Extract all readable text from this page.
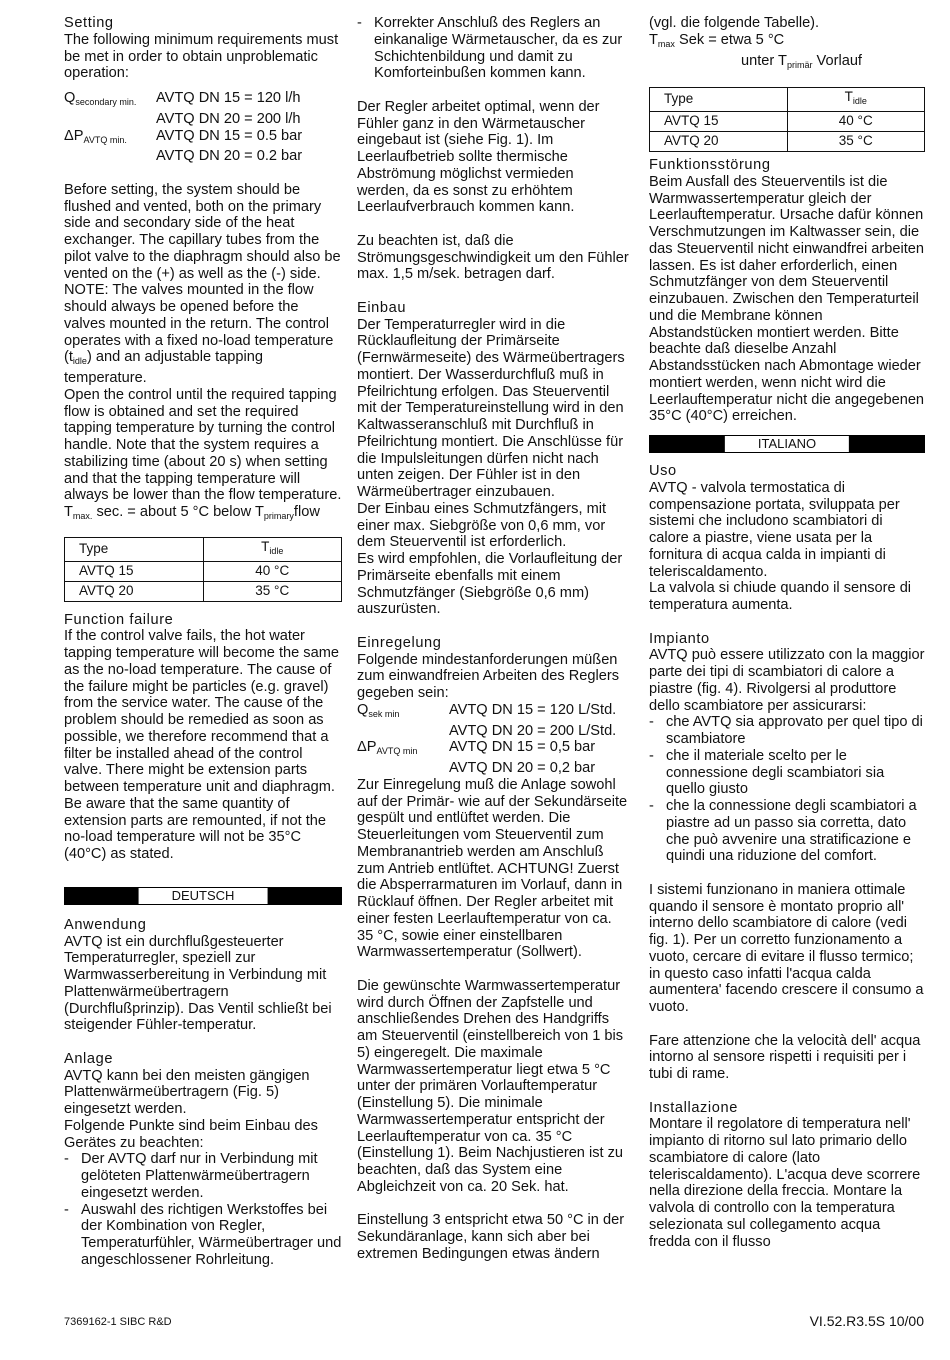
Setting

The following minimum requirements must be met in order to obtain unproblematic operation:

$Q_{secondary min.}$	AVTQ DN 15 = 120 l/h
AVTQ DN 20 = 200 l/h
$\Delta P_{AVTQ min.}$	AVTQ DN 15 = 0.5 bar
AVTQ DN 20 = 0.2 bar

Before setting, the system should be flushed and vented, both on the primary side and secondary side of the heat exchanger. The capillary tubes from the pilot valve to the diaphragm should also be vented on the (+) as well as the (-) side. NOTE: The valves mounted in the flow should always be opened before the valves mounted in the return. The control operates with a fixed no-load temperature $(t_{idle})$ and an adjustable tapping temperature.

Open the control until the required tapping flow is obtained and set the required tapping temperature by turning the control handle. Note that the system requires a stabilizing time (about 20 s) when setting and that the tapping temperature will always be lower than the flow temperature.

$T_{max.}$ sec. = about 5 °C below $T_{primary}flow$

Type	$T_{idle}$
AVTQ 15	40 °C
AVTQ 20	35 °C

Function failure

If the control valve fails, the hot water tapping temperature will become the same as the no-load temperature. The cause of the failure might be particles (e.g. gravel) from the service water. The cause of the problem should be remedied as soon as possible, we therefore recommend that a filter be installed ahead of the control valve. There might be extension parts between temperature unit and diaphragm. Be aware that the same quantity of extension parts are remounted, if not the no-load temperature will not be 35°C (40°C) as stated.

DEUTSCH

Anwendung

AVTQ ist ein durchflußgesteuerter Temperaturregler, speziell zur Warmwasserbereitung in Verbindung mit Plattenwärmeübertragern (Durchflußprinzip). Das Ventil schließt bei steigender Fühler-temperatur.

Anlage

AVTQ kann bei den meisten gängigen Plattenwärmeübertragern (Fig. 5) eingesetzt werden.

Folgende Punkte sind beim Einbau des Gerätes zu beachten:

- Der AVTQ darf nur in Verbindung mit gelöteten Plattenwärmeübertragern eingesetzt werden.
- Auswahl des richtigen Werkstoffes bei der Kombination von Regler, Temperaturfühler, Wärmeübertrager und angeschlossener Rohrleitung.
- Korrekter Anschluß des Reglers an einkanalige Wärmetauscher, da es zur Schichtenbildung und damit zu Komforteinbußen kommen kann.

Der Regler arbeitet optimal, wenn der Fühler ganz in den Wärmetauscher eingebaut ist (siehe Fig. 1). Im Leerlaufbetrieb sollte thermische Abströmung möglichst vermieden werden, da es sonst zu erhöhtem Leerlaufverbrauch kommen kann.

Zu beachten ist, daß die Strömungsgeschwindigkeit um den Fühler max. 1,5 m/sek. betragen darf.

Einbau

Der Temperaturregler wird in die Rücklaufleitung der Primärseite (Fernwärmeseite) des Wärmeübertragers montiert. Der Wasserdurchfluß muß in Pfeilrichtung erfolgen. Das Steuerventil mit der Temperatureinstellung wird in den Kaltwasseranschluß mit Durchfluß in Pfeilrichtung montiert. Die Anschlüsse für die Impulsleitungen dürfen nicht nach unten zeigen. Der Fühler ist in den Wärmeübertrager einzubauen.

Der Einbau eines Schmutzfängers, mit einer max. Siebgröße von 0,6 mm, vor dem Steuerventil ist erforderlich.

Es wird empfohlen, die Vorlaufleitung der Primärseite ebenfalls mit einem Schmutzfänger (Siebgröße 0,6 mm) auszurüsten.

Einregelung

Folgende mindestanforderungen müßen zum einwandfreien Arbeiten des Reglers gegeben sein:

$Q_{sek min}$	AVTQ DN 15 = 120 L/Std.
AVTQ DN 20 = 200 L/Std.
$\Delta P_{AVTQ min}$	AVTQ DN 15 = 0,5 bar
AVTQ DN 20 = 0,2 bar

Zur Einregelung muß die Anlage sowohl auf der Primär- wie auf der Sekundärseite gespült und entlüftet werden. Die Steuerleitungen vom Steuerventil zum Membranantrieb werden am Anschluß zum Antrieb entlüftet. ACHTUNG! Zuerst die Absperrarmaturen im Vorlauf, dann in Rücklauf öffnen. Der Regler arbeitet mit einer festen Leerlauftemperatur von ca. 35 °C, sowie einer einstellbaren Warmwassertemperatur (Sollwert).

Die gewünschte Warmwassertemperatur wird durch Öffnen der Zapfstelle und anschließendes Drehen des Handgriffs am Steuerventil (einstellbereich von 1 bis 5) eingeregelt. Die maximale Warmwassertemperatur liegt etwa 5 °C unter der primären Vorlauftemperatur (Einstellung 5). Die minimale Warmwassertemperatur entspricht der Leerlauftemperatur von ca. 35 °C (Einstellung 1). Beim Nachjustieren ist zu beachten, daß das System eine Abgleichzeit von ca. 20 Sek. hat.

Einstellung 3 entspricht etwa 50 °C in der Sekundäranlage, kann sich aber bei extremen Bedingungen etwas ändern

(vgl. die folgende Tabelle).

$T_{max}$ Sek = etwa 5 °C

unter $T_{primär}$ Vorlauf

Type	$T_{idle}$
AVTQ 15	40 °C
AVTQ 20	35 °C

Funktionsstörung

Beim Ausfall des Steuerventils ist die Warmwassertemperatur gleich der Leerlauftemperatur. Ursache dafür können Verschmutzungen im Kaltwasser sein, die das Steuerventil nicht einwandfrei arbeiten lassen. Es ist daher erforderlich, einen Schmutzfänger von dem Steuerventil einzubauen. Zwischen den Temperaturteil und die Membrane können Abstandstücken montiert werden. Bitte beachte daß dieselbe Anzahl Abstandsstücken nach Abmontage wieder montiert werden, wenn nicht wird die Leerlauftemperatur nicht die angegebenen 35°C (40°C) erreichen.

ITALIANO

Uso

AVTQ - valvola termostatica di compensazione portata, sviluppata per sistemi che includono scambiatori di calore a piastre, viene usata per la fornitura di acqua calda in impianti di teleriscaldamento.

La valvola si chiude quando il sensore di temperatura aumenta.

Impianto

AVTQ può essere utilizzato con la maggior parte dei tipi di scambiatori di calore a piastre (fig. 4). Rivolgersi al produttore dello scambiatore per assicurarsi:

- che AVTQ sia approvato per quel tipo di scambiatore
- che il materiale scelto per le connessione degli scambiatori sia quello giusto
- che la connessione degli scambiatori a piastre ad un passo sia corretta, dato che può avvenire una stratificazione e quindi una riduzione del comfort.

I sistemi funzionano in maniera ottimale quando il sensore è montato proprio all' interno dello scambiatore di calore (vedi fig. 1). Per un corretto funzionamento a vuoto, cercare di evitare il flusso termico; in questo caso infatti l'acqua calda aumentera' facendo crescere il consumo a vuoto.

Fare attenzione che la velocità dell' acqua intorno al sensore rispetti i requisiti per i tubi di rame.

Installazione

Montare il regolatore di temperatura nell' impianto di ritorno sul lato primario dello scambiatore di calore (lato teleriscaldamento). L'acqua deve scorrere nella direzione della freccia. Montare la valvola di controllo con la temperatura selezionata sul collegamento acqua fredda con il flusso

7369162-1 SIBC R&D	VI.52.R3.5S 10/00
